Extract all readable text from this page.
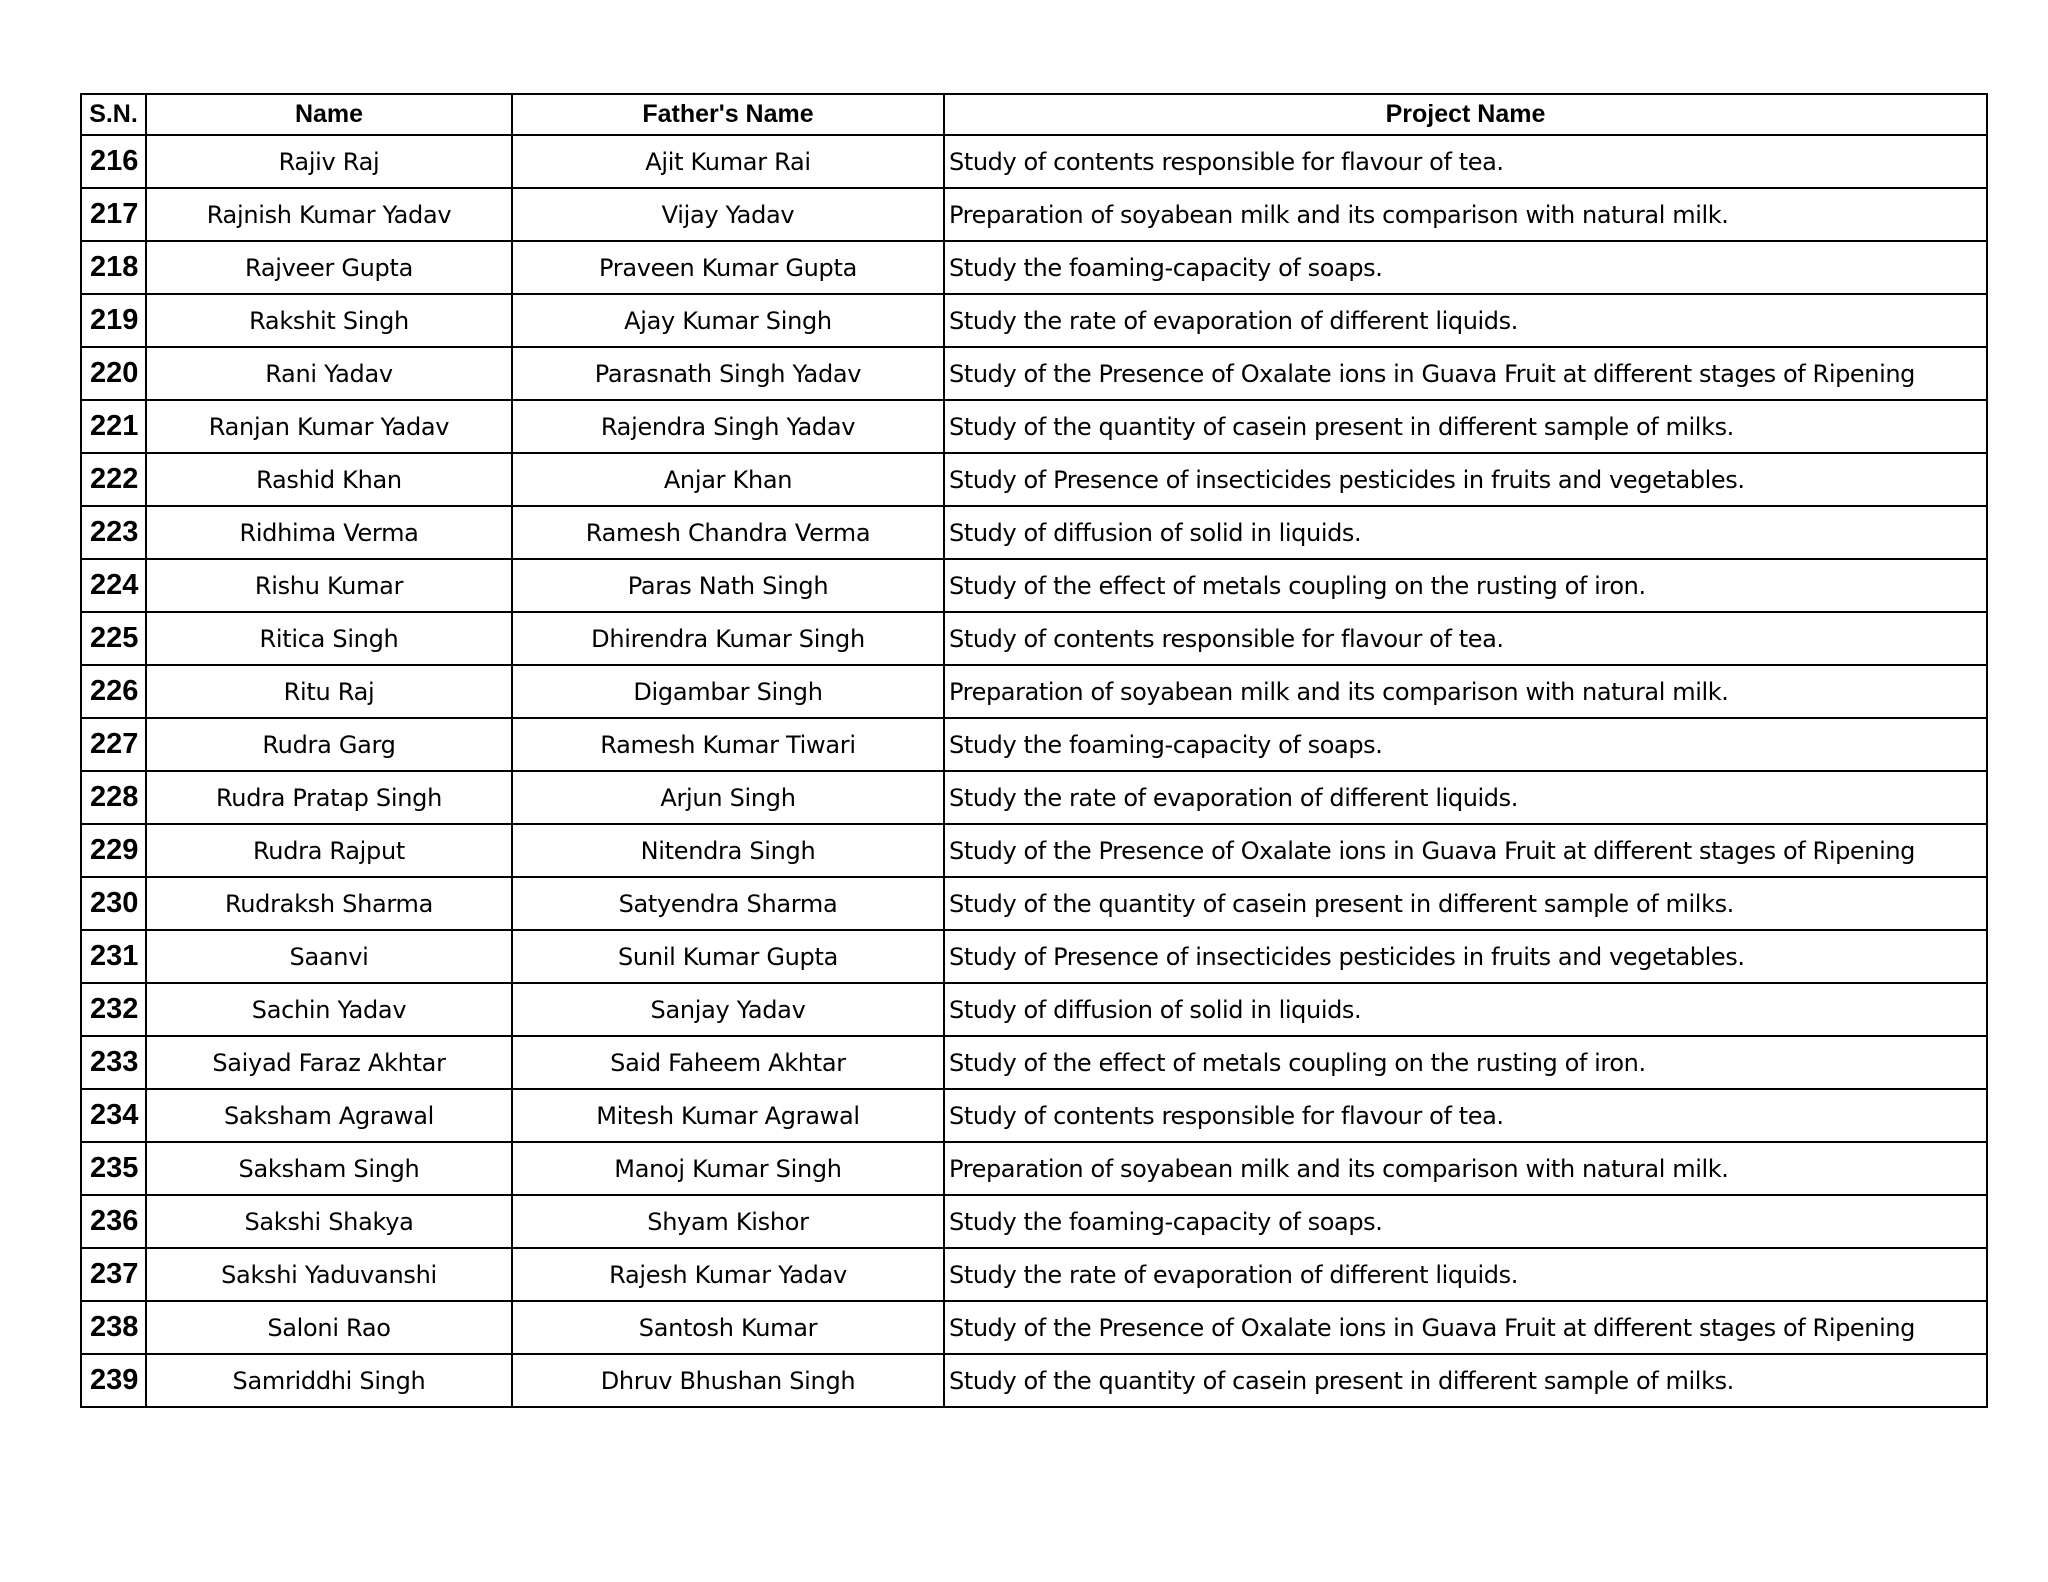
S.N.	Name	Father's Name	Project Name
216	Rajiv Raj	Ajit Kumar Rai	Study of contents responsible for flavour of tea.
217	Rajnish Kumar Yadav	Vijay Yadav	Preparation of soyabean milk and its comparison with natural milk.
218	Rajveer Gupta	Praveen Kumar Gupta	Study the foaming-capacity of soaps.
219	Rakshit Singh	Ajay Kumar Singh	Study the rate of evaporation of different liquids.
220	Rani Yadav	Parasnath Singh Yadav	Study of the Presence of Oxalate ions in Guava Fruit at different stages of Ripening
221	Ranjan Kumar Yadav	Rajendra Singh Yadav	Study of the quantity of casein present in different sample of milks.
222	Rashid Khan	Anjar Khan	Study of Presence of insecticides pesticides in fruits and vegetables.
223	Ridhima Verma	Ramesh Chandra Verma	Study of diffusion of solid in liquids.
224	Rishu Kumar	Paras Nath Singh	Study of the effect of metals coupling on the rusting of iron.
225	Ritica Singh	Dhirendra Kumar Singh	Study of contents responsible for flavour of tea.
226	Ritu Raj	Digambar Singh	Preparation of soyabean milk and its comparison with natural milk.
227	Rudra Garg	Ramesh Kumar Tiwari	Study the foaming-capacity of soaps.
228	Rudra Pratap Singh	Arjun Singh	Study the rate of evaporation of different liquids.
229	Rudra Rajput	Nitendra Singh	Study of the Presence of Oxalate ions in Guava Fruit at different stages of Ripening
230	Rudraksh Sharma	Satyendra Sharma	Study of the quantity of casein present in different sample of milks.
231	Saanvi	Sunil Kumar Gupta	Study of Presence of insecticides pesticides in fruits and vegetables.
232	Sachin Yadav	Sanjay Yadav	Study of diffusion of solid in liquids.
233	Saiyad Faraz Akhtar	Said Faheem Akhtar	Study of the effect of metals coupling on the rusting of iron.
234	Saksham Agrawal	Mitesh Kumar Agrawal	Study of contents responsible for flavour of tea.
235	Saksham Singh	Manoj Kumar Singh	Preparation of soyabean milk and its comparison with natural milk.
236	Sakshi Shakya	Shyam Kishor	Study the foaming-capacity of soaps.
237	Sakshi Yaduvanshi	Rajesh Kumar Yadav	Study the rate of evaporation of different liquids.
238	Saloni Rao	Santosh Kumar	Study of the Presence of Oxalate ions in Guava Fruit at different stages of Ripening
239	Samriddhi Singh	Dhruv Bhushan Singh	Study of the quantity of casein present in different sample of milks.
